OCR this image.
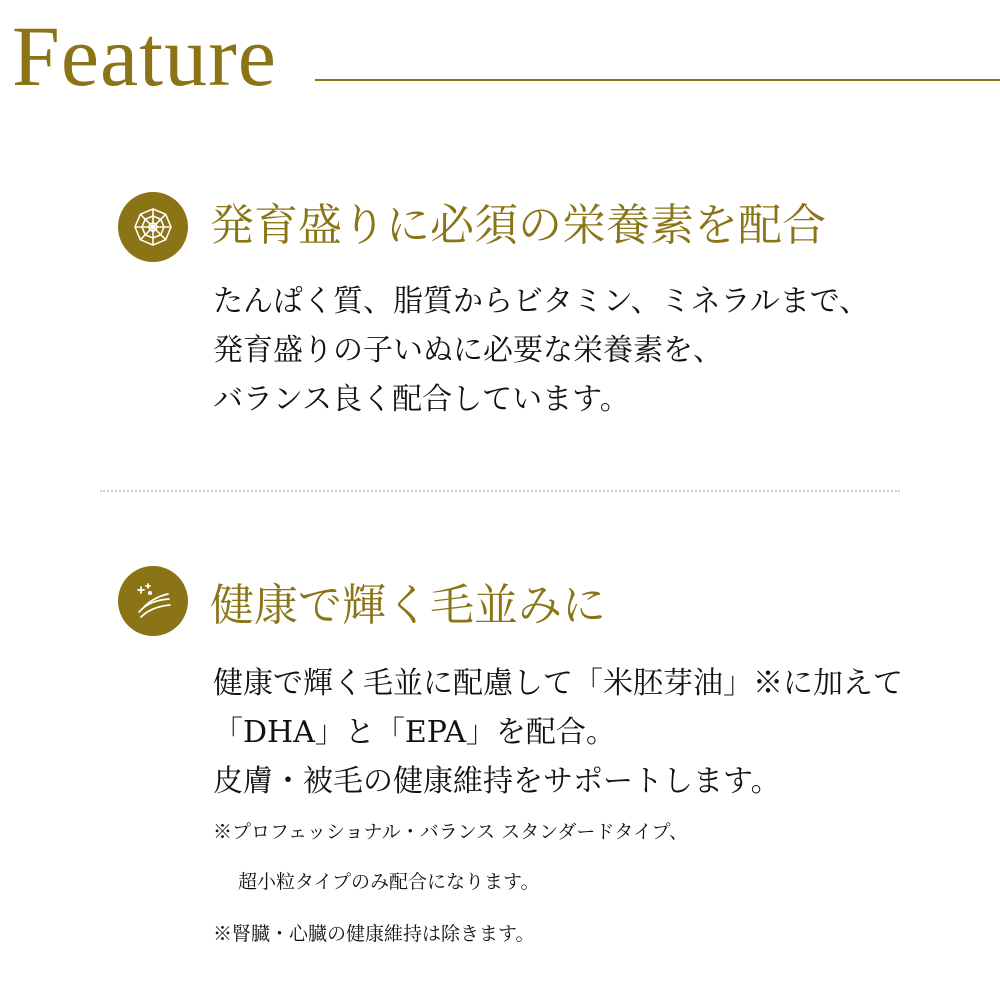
Feature
発育盛りに必須の栄養素を配合
たんぱく質、脂質からビタミン、ミネラルまで、
発育盛りの子いぬに必要な栄養素を、
バランス良く配合しています。
健康で輝く毛並みに
健康で輝く毛並に配慮して「米胚芽油」※に加えて
「DHA」と「EPA」を配合。
皮膚・被毛の健康維持をサポートします。
※プロフェッショナル・バランス スタンダードタイプ、
超小粒タイプのみ配合になります。
※腎臓・心臓の健康維持は除きます。
